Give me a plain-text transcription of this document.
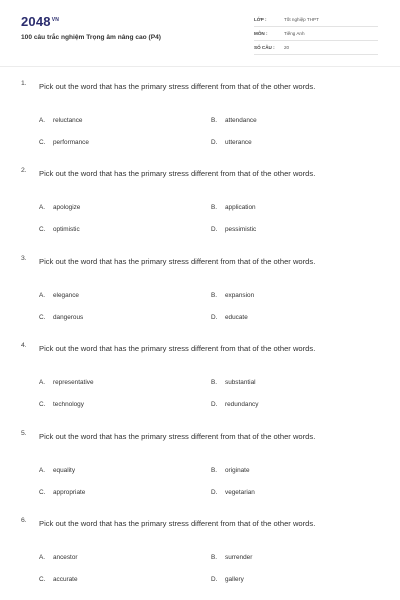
$2048^{VN}$
100 câu trắc nghiệm Trọng âm nâng cao (P4)
LỚP :	Tốt nghiệp THPT
MÔN :	Tiếng Anh
SỐ CÂU : 20
1. Pick out the word that has the primary stress different from that of the other words.
A. reluctance	B. attendance
C. performance	D. utterance
2. Pick out the word that has the primary stress different from that of the other words.
A. apologize	B. application
C. optimistic	D. pessimistic
3. Pick out the word that has the primary stress different from that of the other words.
A. elegance	B. expansion
C. dangerous	D. educate
4. Pick out the word that has the primary stress different from that of the other words.
A. representative	B. substantial
C. technology	D. redundancy
5. Pick out the word that has the primary stress different from that of the other words.
A. equality	B. originate
C. appropriate	D. vegetarian
6. Pick out the word that has the primary stress different from that of the other words.
A. ancestor	B. surrender
C. accurate	D. gallery
